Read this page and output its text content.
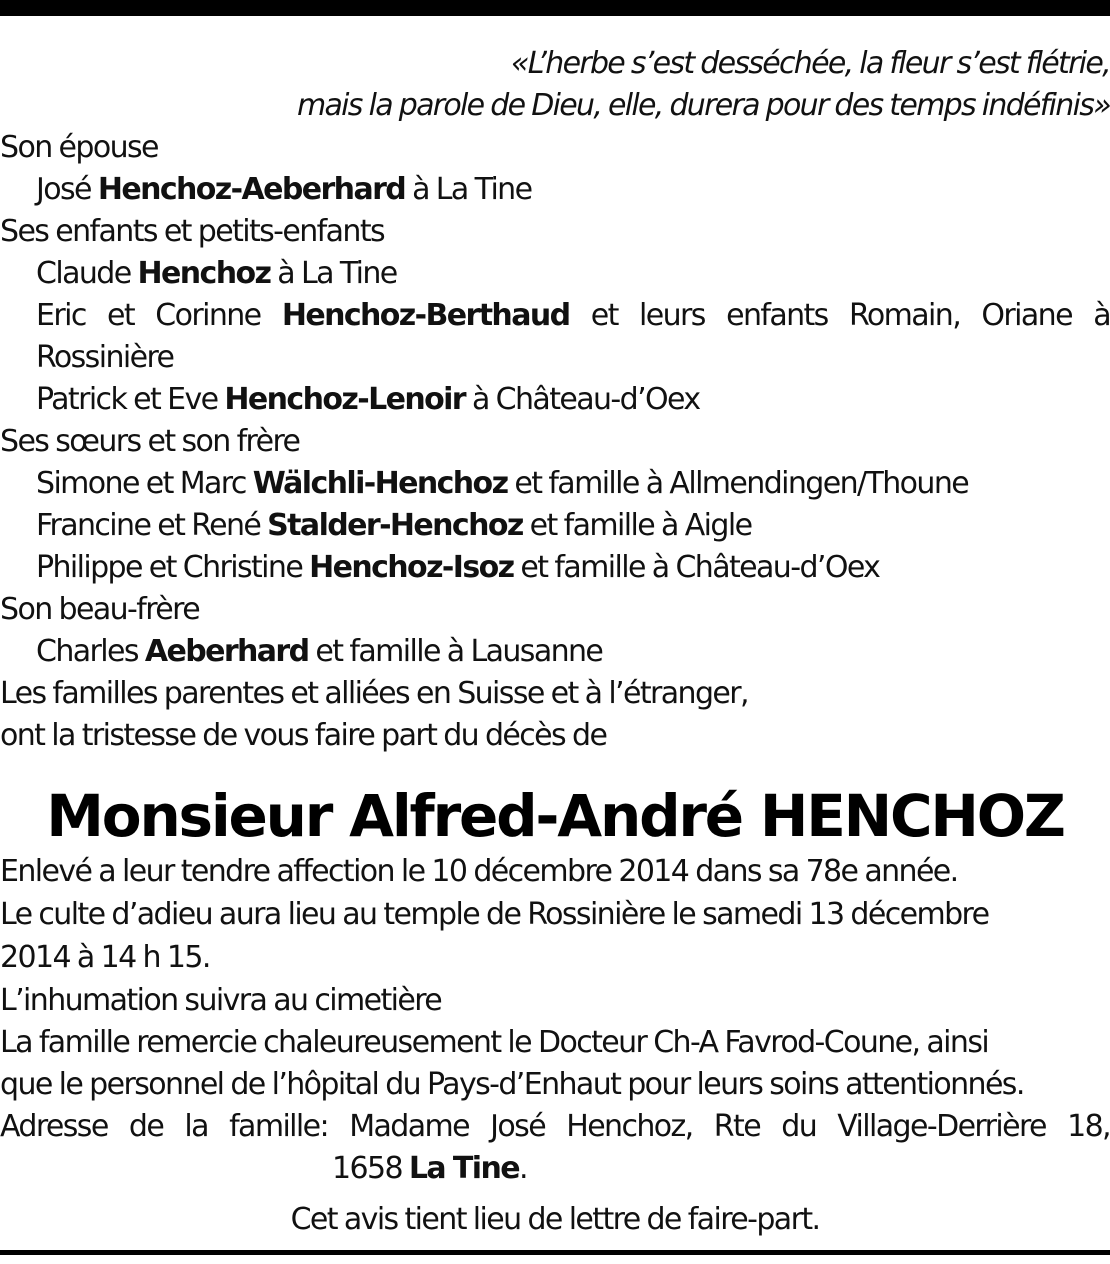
«L’herbe s’est desséchée, la fleur s’est flétrie,
mais la parole de Dieu, elle, durera pour des temps indéfinis»
Son épouse
José Henchoz-Aeberhard à La Tine
Ses enfants et petits-enfants
Claude Henchoz à La Tine
Eric et Corinne Henchoz-Berthaud et leurs enfants Romain, Oriane à
Rossinière
Patrick et Eve Henchoz-Lenoir à Château-d’Oex
Ses sœurs et son frère
Simone et Marc Wälchli-Henchoz et famille à Allmendingen/Thoune
Francine et René Stalder-Henchoz et famille à Aigle
Philippe et Christine Henchoz-Isoz et famille à Château-d’Oex
Son beau-frère
Charles Aeberhard et famille à Lausanne
Les familles parentes et alliées en Suisse et à l’étranger,
ont la tristesse de vous faire part du décès de
Monsieur Alfred-André HENCHOZ
Enlevé a leur tendre affection le 10 décembre 2014 dans sa 78e année.
Le culte d’adieu aura lieu au temple de Rossinière le samedi 13 décembre
2014 à 14 h 15.
L’inhumation suivra au cimetière
La famille remercie chaleureusement le Docteur Ch-A Favrod-Coune, ainsi
que le personnel de l’hôpital du Pays-d’Enhaut pour leurs soins attentionnés.
Adresse de la famille: Madame José Henchoz, Rte du Village-Derrière 18,
1658 La Tine.
Cet avis tient lieu de lettre de faire-part.
